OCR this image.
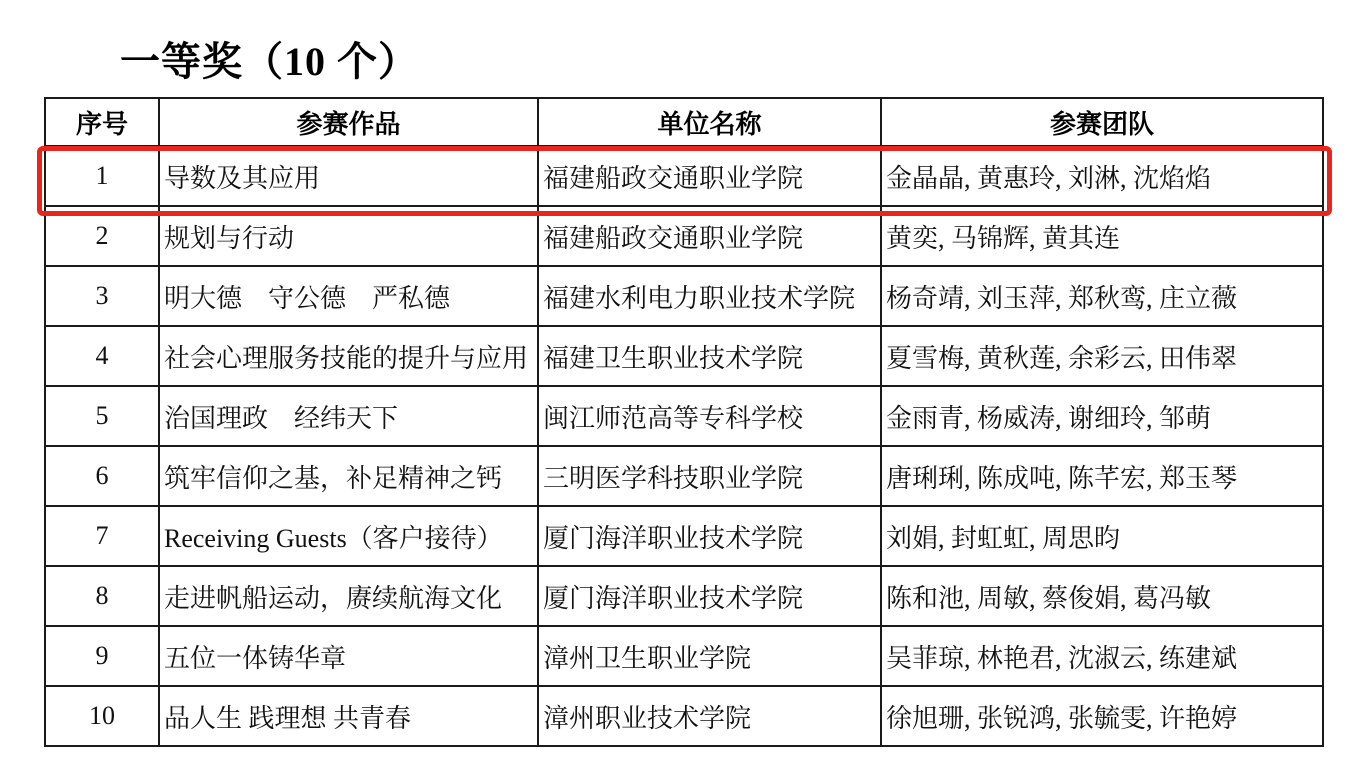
一等奖（10 个）
序号	参赛作品	单位名称	参赛团队
1	导数及其应用	福建船政交通职业学院	金晶晶, 黄惠玲, 刘淋, 沈焰焰
2	规划与行动	福建船政交通职业学院	黄奕, 马锦辉, 黄其连
3	明大德　守公德　严私德	福建水利电力职业技术学院	杨奇靖, 刘玉萍, 郑秋鸾, 庄立薇
4	社会心理服务技能的提升与应用	福建卫生职业技术学院	夏雪梅, 黄秋莲, 余彩云, 田伟翠
5	治国理政　经纬天下	闽江师范高等专科学校	金雨青, 杨威涛, 谢细玲, 邹萌
6	筑牢信仰之基，补足精神之钙	三明医学科技职业学院	唐琍琍, 陈成吨, 陈芊宏, 郑玉琴
7	Receiving Guests（客户接待）	厦门海洋职业技术学院	刘娟, 封虹虹, 周思昀
8	走进帆船运动，赓续航海文化	厦门海洋职业技术学院	陈和池, 周敏, 蔡俊娟, 葛冯敏
9	五位一体铸华章	漳州卫生职业学院	吴菲琼, 林艳君, 沈淑云, 练建斌
10	品人生 践理想 共青春	漳州职业技术学院	徐旭珊, 张锐鸿, 张毓雯, 许艳婷
